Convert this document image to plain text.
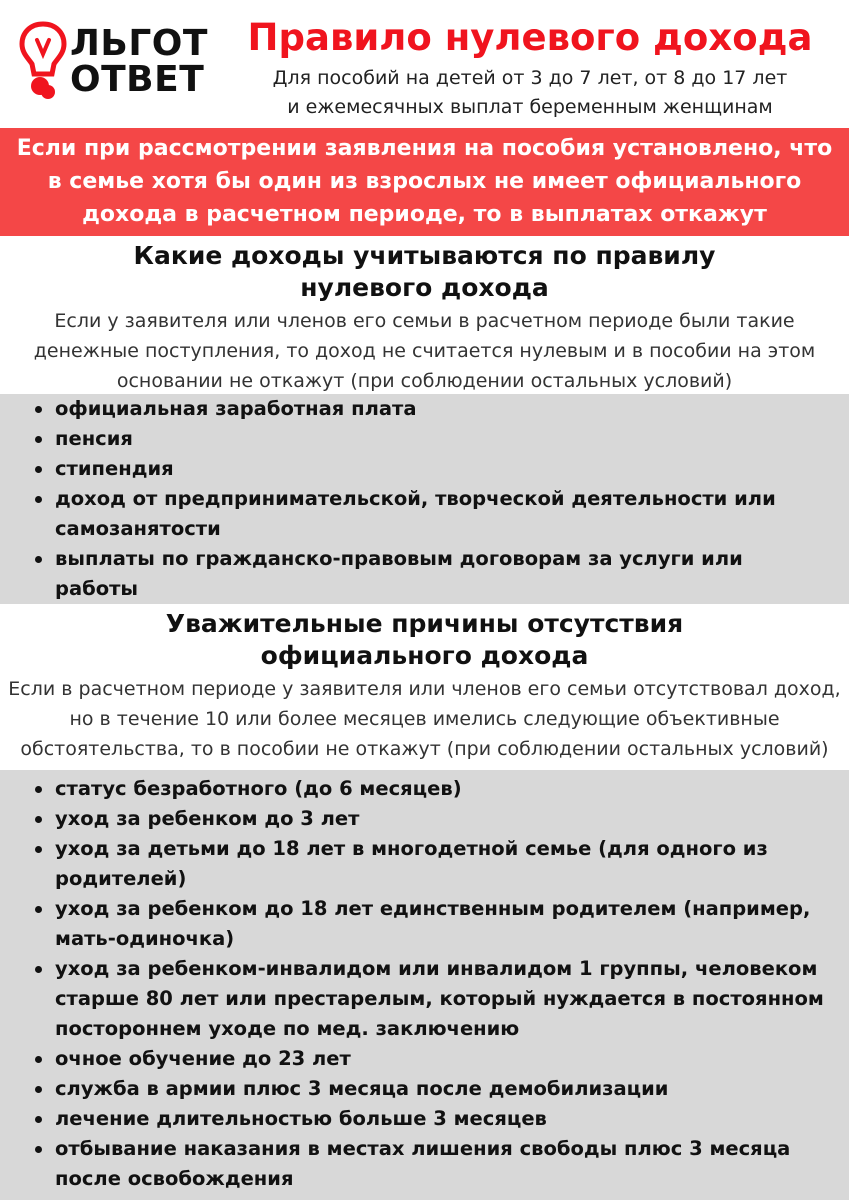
ЛЬГОТ
ОТВЕТ
Правило нулевого дохода
Для пособий на детей от 3 до 7 лет, от 8 до 17 лет
и ежемесячных выплат беременным женщинам

Если при рассмотрении заявления на пособия установлено, что в семье хотя бы один из взрослых не имеет официального дохода в расчетном периоде, то в выплатах откажут

Какие доходы учитываются по правилу
нулевого дохода

Если у заявителя или членов его семьи в расчетном периоде были такие денежные поступления, то доход не считается нулевым и в пособии на этом основании не откажут (при соблюдении остальных условий)

официальная заработная плата
пенсия
стипендия
доход от предпринимательской, творческой деятельности или самозанятости
выплаты по гражданско-правовым договорам за услуги или работы

Уважительные причины отсутствия
официального дохода

Если в расчетном периоде у заявителя или членов его семьи отсутствовал доход, но в течение 10 или более месяцев имелись следующие объективные обстоятельства, то в пособии не откажут (при соблюдении остальных условий)

статус безработного (до 6 месяцев)
уход за ребенком до 3 лет
уход за детьми до 18 лет в многодетной семье (для одного из родителей)
уход за ребенком до 18 лет единственным родителем (например, мать-одиночка)
уход за ребенком-инвалидом или инвалидом 1 группы, человеком старше 80 лет или престарелым, который нуждается в постоянном постороннем уходе по мед. заключению
очное обучение до 23 лет
служба в армии плюс 3 месяца после демобилизации
лечение длительностью больше 3 месяцев
отбывание наказания в местах лишения свободы плюс 3 месяца после освобождения
